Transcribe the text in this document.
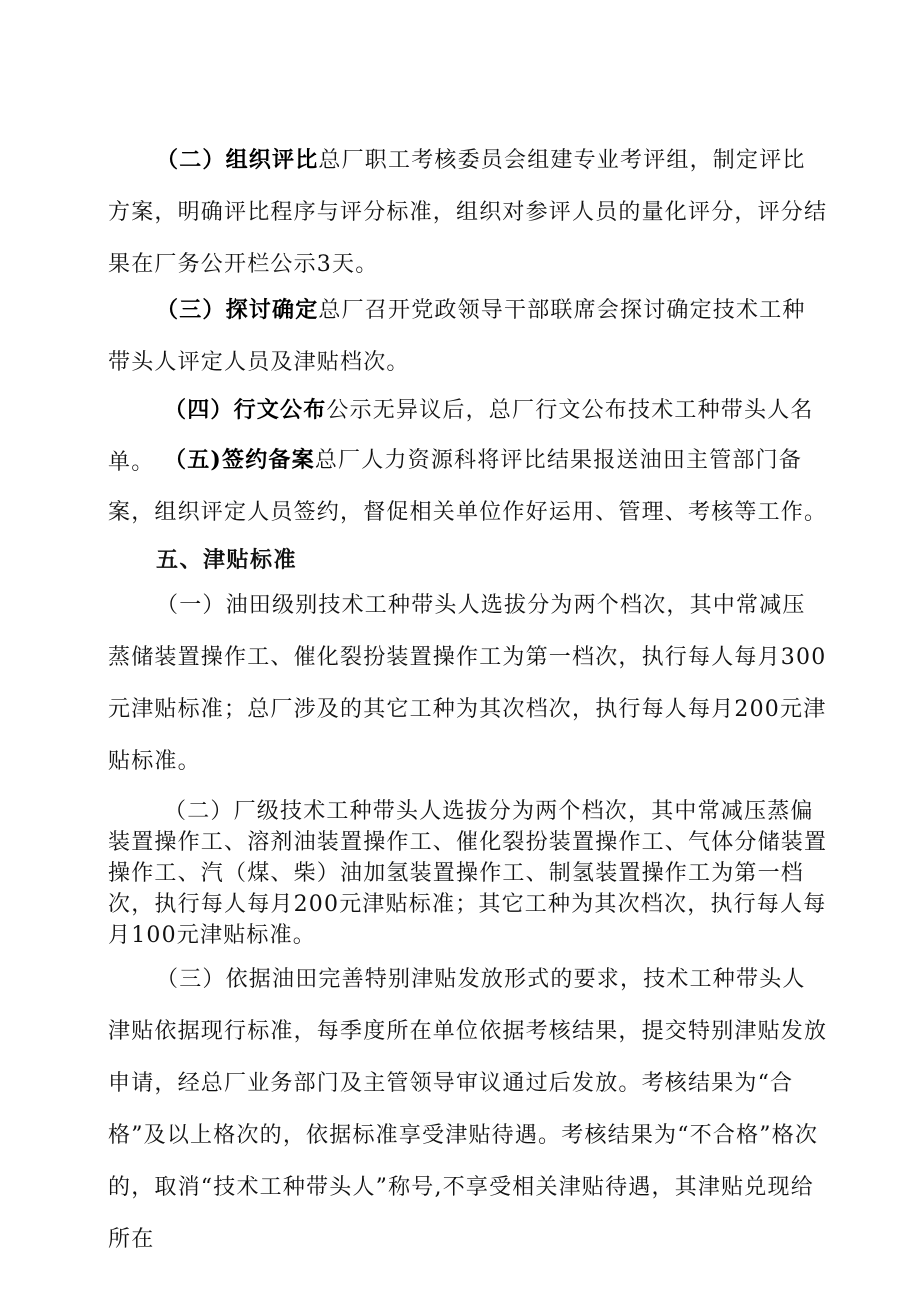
（二）组织评比总厂职工考核委员会组建专业考评组，制定评比方案，明确评比程序与评分标准，组织对参评人员的量化评分，评分结果在厂务公开栏公示3天。

（三）探讨确定总厂召开党政领导干部联席会探讨确定技术工种带头人评定人员及津贴档次。

（四）行文公布公示无异议后，总厂行文公布技术工种带头人名单。 （五)签约备案总厂人力资源科将评比结果报送油田主管部门备案，组织评定人员签约，督促相关单位作好运用、管理、考核等工作。

五、津贴标准

（一）油田级别技术工种带头人选拔分为两个档次，其中常减压蒸储装置操作工、催化裂扮装置操作工为第一档次，执行每人每月300元津贴标准；总厂涉及的其它工种为其次档次，执行每人每月200元津贴标准。

（二）厂级技术工种带头人选拔分为两个档次，其中常减压蒸偏装置操作工、溶剂油装置操作工、催化裂扮装置操作工、气体分储装置操作工、汽（煤、柴）油加氢装置操作工、制氢装置操作工为第一档次，执行每人每月200元津贴标准；其它工种为其次档次，执行每人每月100元津贴标准。

（三）依据油田完善特别津贴发放形式的要求，技术工种带头人津贴依据现行标准，每季度所在单位依据考核结果，提交特别津贴发放申请，经总厂业务部门及主管领导审议通过后发放。考核结果为“合格”及以上格次的，依据标准享受津贴待遇。考核结果为“不合格”格次的，取消“技术工种带头人”称号,不享受相关津贴待遇，其津贴兑现给所在
